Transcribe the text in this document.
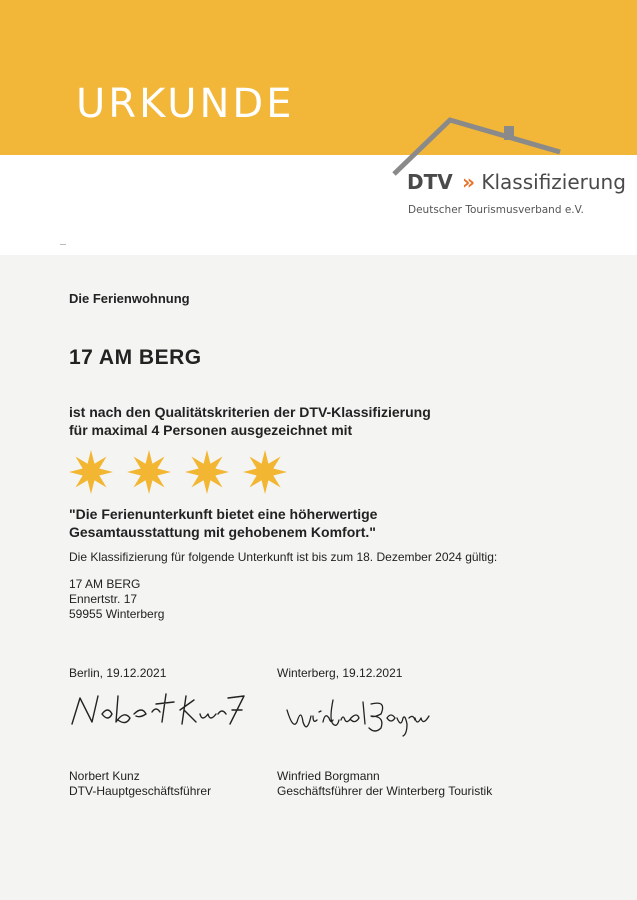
URKUNDE
DTV » Klassifizierung
Deutscher Tourismusverband e.V.
Die Ferienwohnung
17 AM BERG
ist nach den Qualitätskriterien der DTV-Klassifizierung
für maximal 4 Personen ausgezeichnet mit
"Die Ferienunterkunft bietet eine höherwertige
Gesamtausstattung mit gehobenem Komfort."
Die Klassifizierung für folgende Unterkunft ist bis zum 18. Dezember 2024 gültig:
17 AM BERG
Ennertstr. 17
59955 Winterberg
Berlin, 19.12.2021	Winterberg, 19.12.2021
Norbert Kunz
DTV-Hauptgeschäftsführer
Winfried Borgmann
Geschäftsführer der Winterberg Touristik
